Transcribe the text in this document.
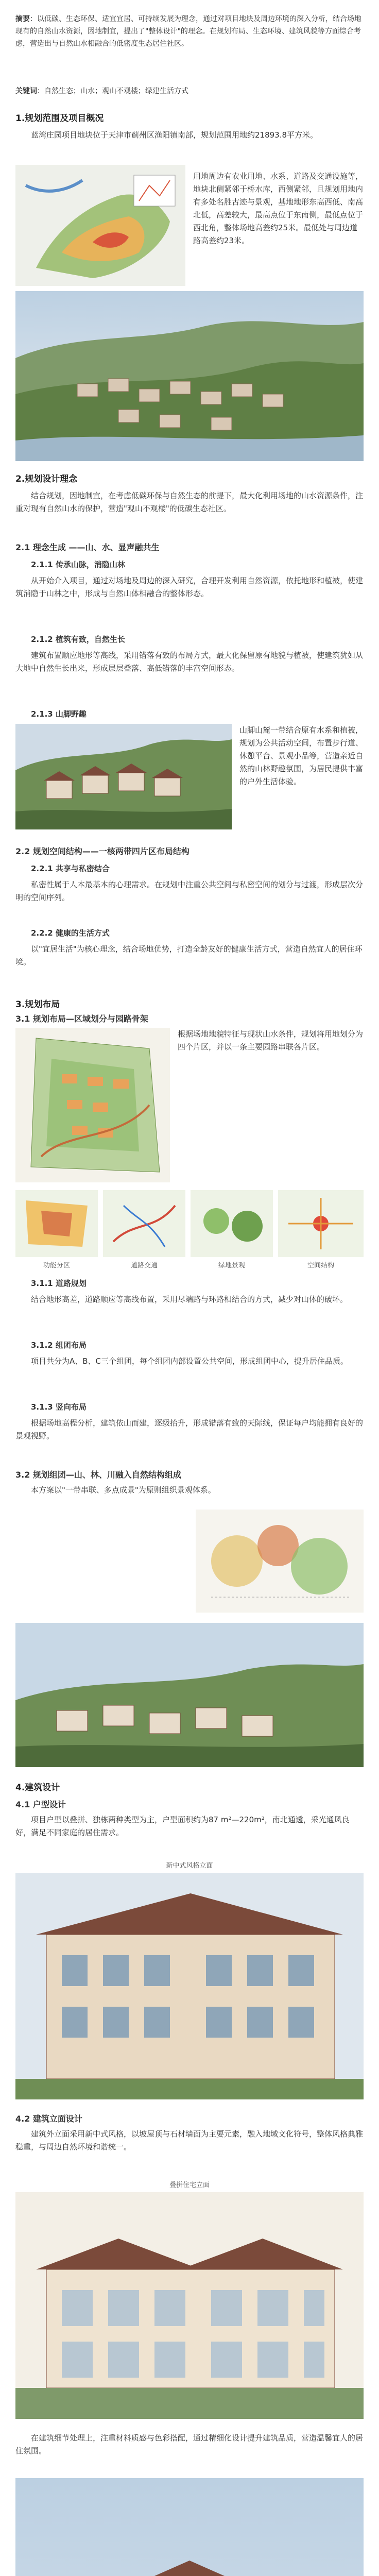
摘要：以低碳、生态环保、适宜宜居、可持续发展为理念，通过对项目地块及周边环境的深入分析，结合场地现有的自然山水资源，因地制宜，提出了"整体设计"的理念。在规划布局、生态环境、建筑风貌等方面综合考虑，营造出与自然山水相融合的低密度生态居住社区。
关键词：自然生态；山水；观山不观楼；绿建生活方式
1.规划范围及项目概况

蓝湾庄园项目地块位于天津市蓟州区渔阳镇南部，规划范围用地约21893.8平方米。

用地周边有农业用地、水系、道路及交通设施等，地块北侧紧邻于桥水库，西侧紧邻，且规划用地内有多处名胜古迹与景观，基地地形东高西低、南高北低，高差较大，最高点位于东南侧，最低点位于西北角，整体场地高差约25米。最低处与周边道路高差约23米。

2.规划设计理念

结合规划，因地制宜，在考虑低碳环保与自然生态的前提下，最大化利用场地的山水资源条件，注重对现有自然山水的保护，营造"观山不观楼"的低碳生态社区。

2.1 理念生成 ——山、水、显声融共生
2.1.1 传承山脉，消隐山林

从开始介入项目，通过对场地及周边的深入研究，合理开发利用自然资源，依托地形和植被，使建筑消隐于山林之中，形成与自然山体相融合的整体形态。

2.1.2 植筑有致，自然生长

建筑布置顺应地形等高线，采用错落有致的布局方式，最大化保留原有地貌与植被，使建筑犹如从大地中自然生长出来，形成层层叠落、高低错落的丰富空间形态。

2.1.3 山脚野趣

山脚山麓一带结合原有水系和植被，规划为公共活动空间，布置步行道、休憩平台、景观小品等，营造亲近自然的山林野趣氛围，为居民提供丰富的户外生活体验。

2.2 规划空间结构——一核两带四片区布局结构
2.2.1 共享与私密结合

私密性属于人本最基本的心理需求。在规划中注重公共空间与私密空间的划分与过渡，形成层次分明的空间序列。

2.2.2 健康的生活方式

以"宜居生活"为核心理念，结合场地优势，打造全龄友好的健康生活方式，营造自然宜人的居住环境。

3.规划布局
3.1 规划布局—区域划分与园路骨架

根据场地地貌特征与现状山水条件，规划将用地划分为四个片区，并以一条主要园路串联各片区。

功能分区	道路交通	绿地景观	空间结构
3.1.1 道路规划

结合地形高差，道路顺应等高线布置，采用尽端路与环路相结合的方式，减少对山体的破坏。

3.1.2 组团布局

项目共分为A、B、C三个组团，每个组团内部设置公共空间，形成组团中心，提升居住品质。

3.1.3 竖向布局

根据场地高程分析，建筑依山而建，逐级抬升，形成错落有致的天际线，保证每户均能拥有良好的景观视野。

3.2 规划组团—山、林、川融入自然结构组成

本方案以"一带串联、多点成景"为原则组织景观体系。

4.建筑设计
4.1 户型设计

项目户型以叠拼、独栋两种类型为主，户型面积约为87 m²—220m²，南北通透，采光通风良好，满足不同家庭的居住需求。

新中式风格立面
4.2 建筑立面设计

建筑外立面采用新中式风格，以坡屋顶与石材墙面为主要元素，融入地域文化符号，整体风格典雅稳重，与周边自然环境和谐统一。

叠拼住宅立面

在建筑细节处理上，注重材料质感与色彩搭配，通过精细化设计提升建筑品质，营造温馨宜人的居住氛围。
